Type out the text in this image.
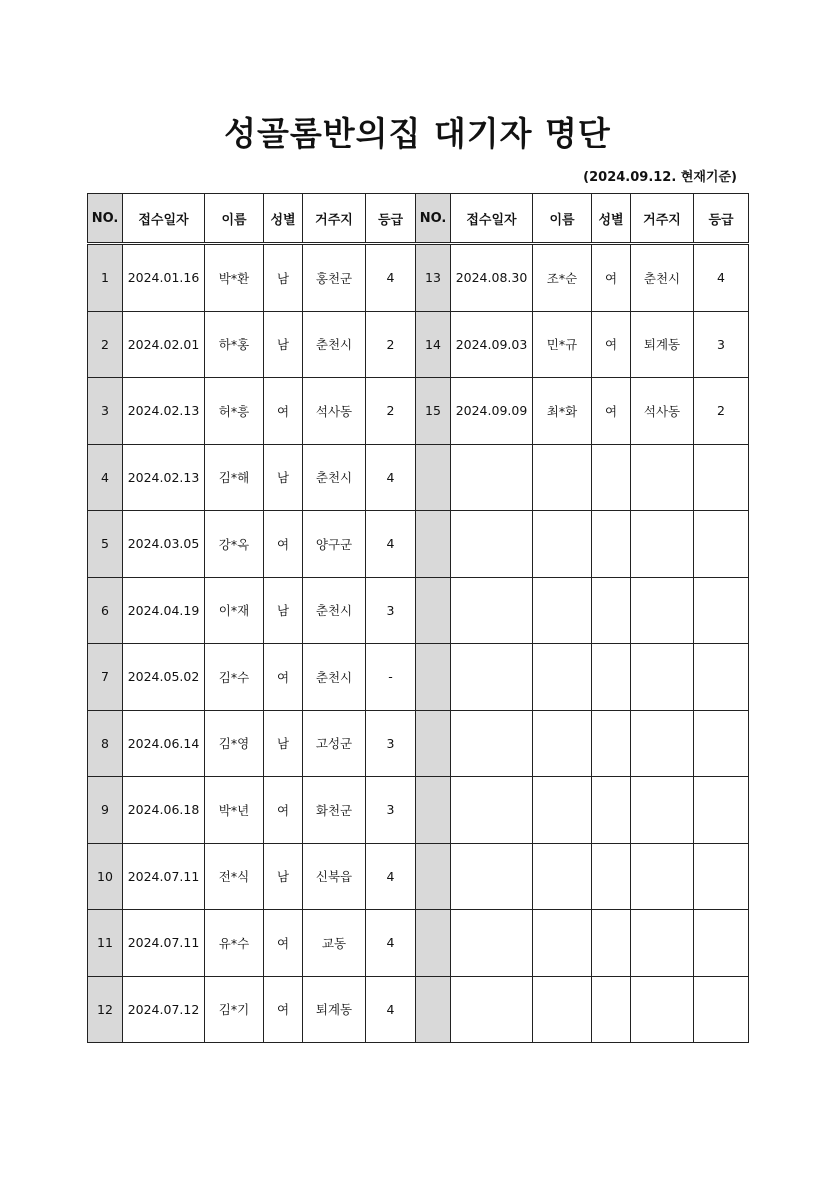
성골롬반의집 대기자 명단
(2024.09.12. 현재기준)
NO.	접수일자	이름	성별	거주지	등급	NO.	접수일자	이름	성별	거주지	등급
1	2024.01.16	박*환	남	홍천군	4	13	2024.08.30	조*순	여	춘천시	4
2	2024.02.01	하*홍	남	춘천시	2	14	2024.09.03	민*규	여	퇴계동	3
3	2024.02.13	허*흥	여	석사동	2	15	2024.09.09	최*화	여	석사동	2
4	2024.02.13	김*해	남	춘천시	4						
5	2024.03.05	강*옥	여	양구군	4						
6	2024.04.19	이*재	남	춘천시	3						
7	2024.05.02	김*수	여	춘천시	-						
8	2024.06.14	김*영	남	고성군	3						
9	2024.06.18	박*년	여	화천군	3						
10	2024.07.11	전*식	남	신북읍	4						
11	2024.07.11	유*수	여	교동	4						
12	2024.07.12	김*기	여	퇴계동	4						
